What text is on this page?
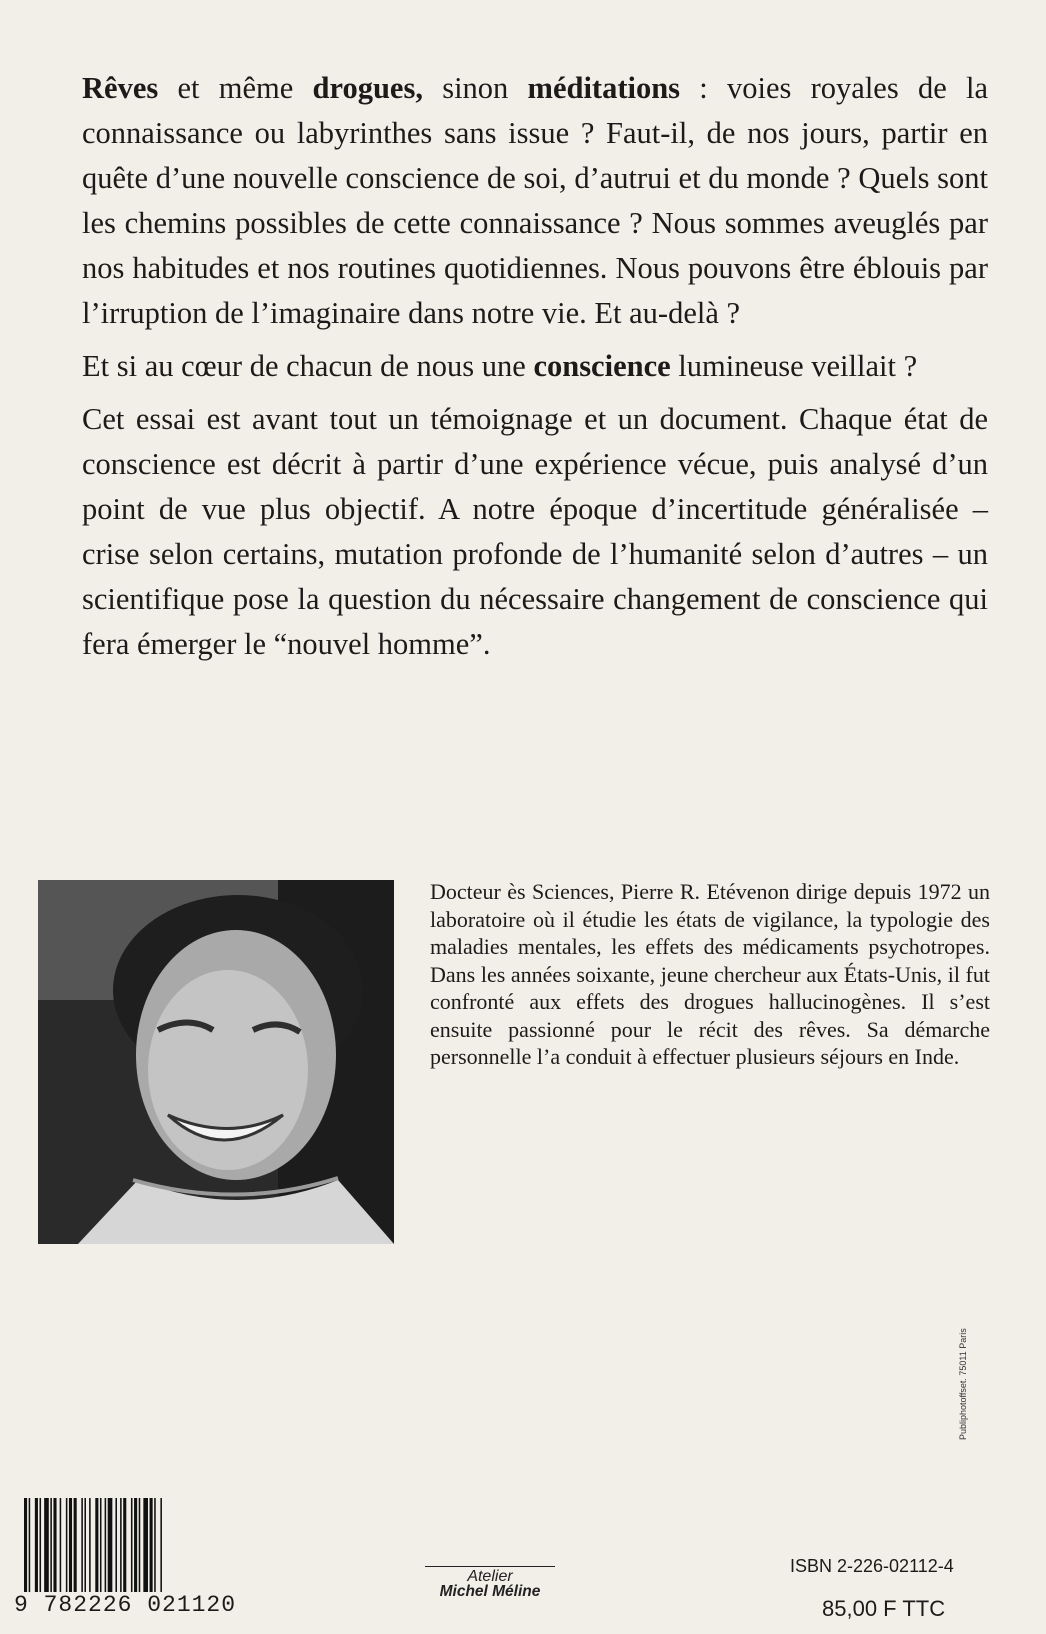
Rêves et même drogues, sinon méditations : voies royales de la connaissance ou labyrinthes sans issue ? Faut-il, de nos jours, partir en quête d’une nouvelle conscience de soi, d’autrui et du monde ? Quels sont les chemins possibles de cette connaissance ? Nous sommes aveuglés par nos habitudes et nos routines quotidiennes. Nous pouvons être éblouis par l’irruption de l’imaginaire dans notre vie. Et au-delà ?

Et si au cœur de chacun de nous une conscience lumineuse veillait ?

Cet essai est avant tout un témoignage et un document. Chaque état de conscience est décrit à partir d’une expérience vécue, puis analysé d’un point de vue plus objectif. A notre époque d’incertitude généralisée – crise selon certains, mutation profonde de l’humanité selon d’autres – un scientifique pose la question du nécessaire changement de conscience qui fera émerger le “nouvel homme”.

Docteur ès Sciences, Pierre R. Etévenon dirige depuis 1972 un laboratoire où il étudie les états de vigilance, la typologie des maladies mentales, les effets des médicaments psychotropes. Dans les années soixante, jeune chercheur aux États-Unis, il fut confronté aux effets des drogues hallucinogènes. Il s’est ensuite passionné pour le récit des rêves. Sa démarche personnelle l’a conduit à effectuer plusieurs séjours en Inde.
Publiphotoffset. 75011 Paris
9 782226 021120
Atelier
Michel Méline
ISBN 2-226-02112-4
85,00 F TTC
